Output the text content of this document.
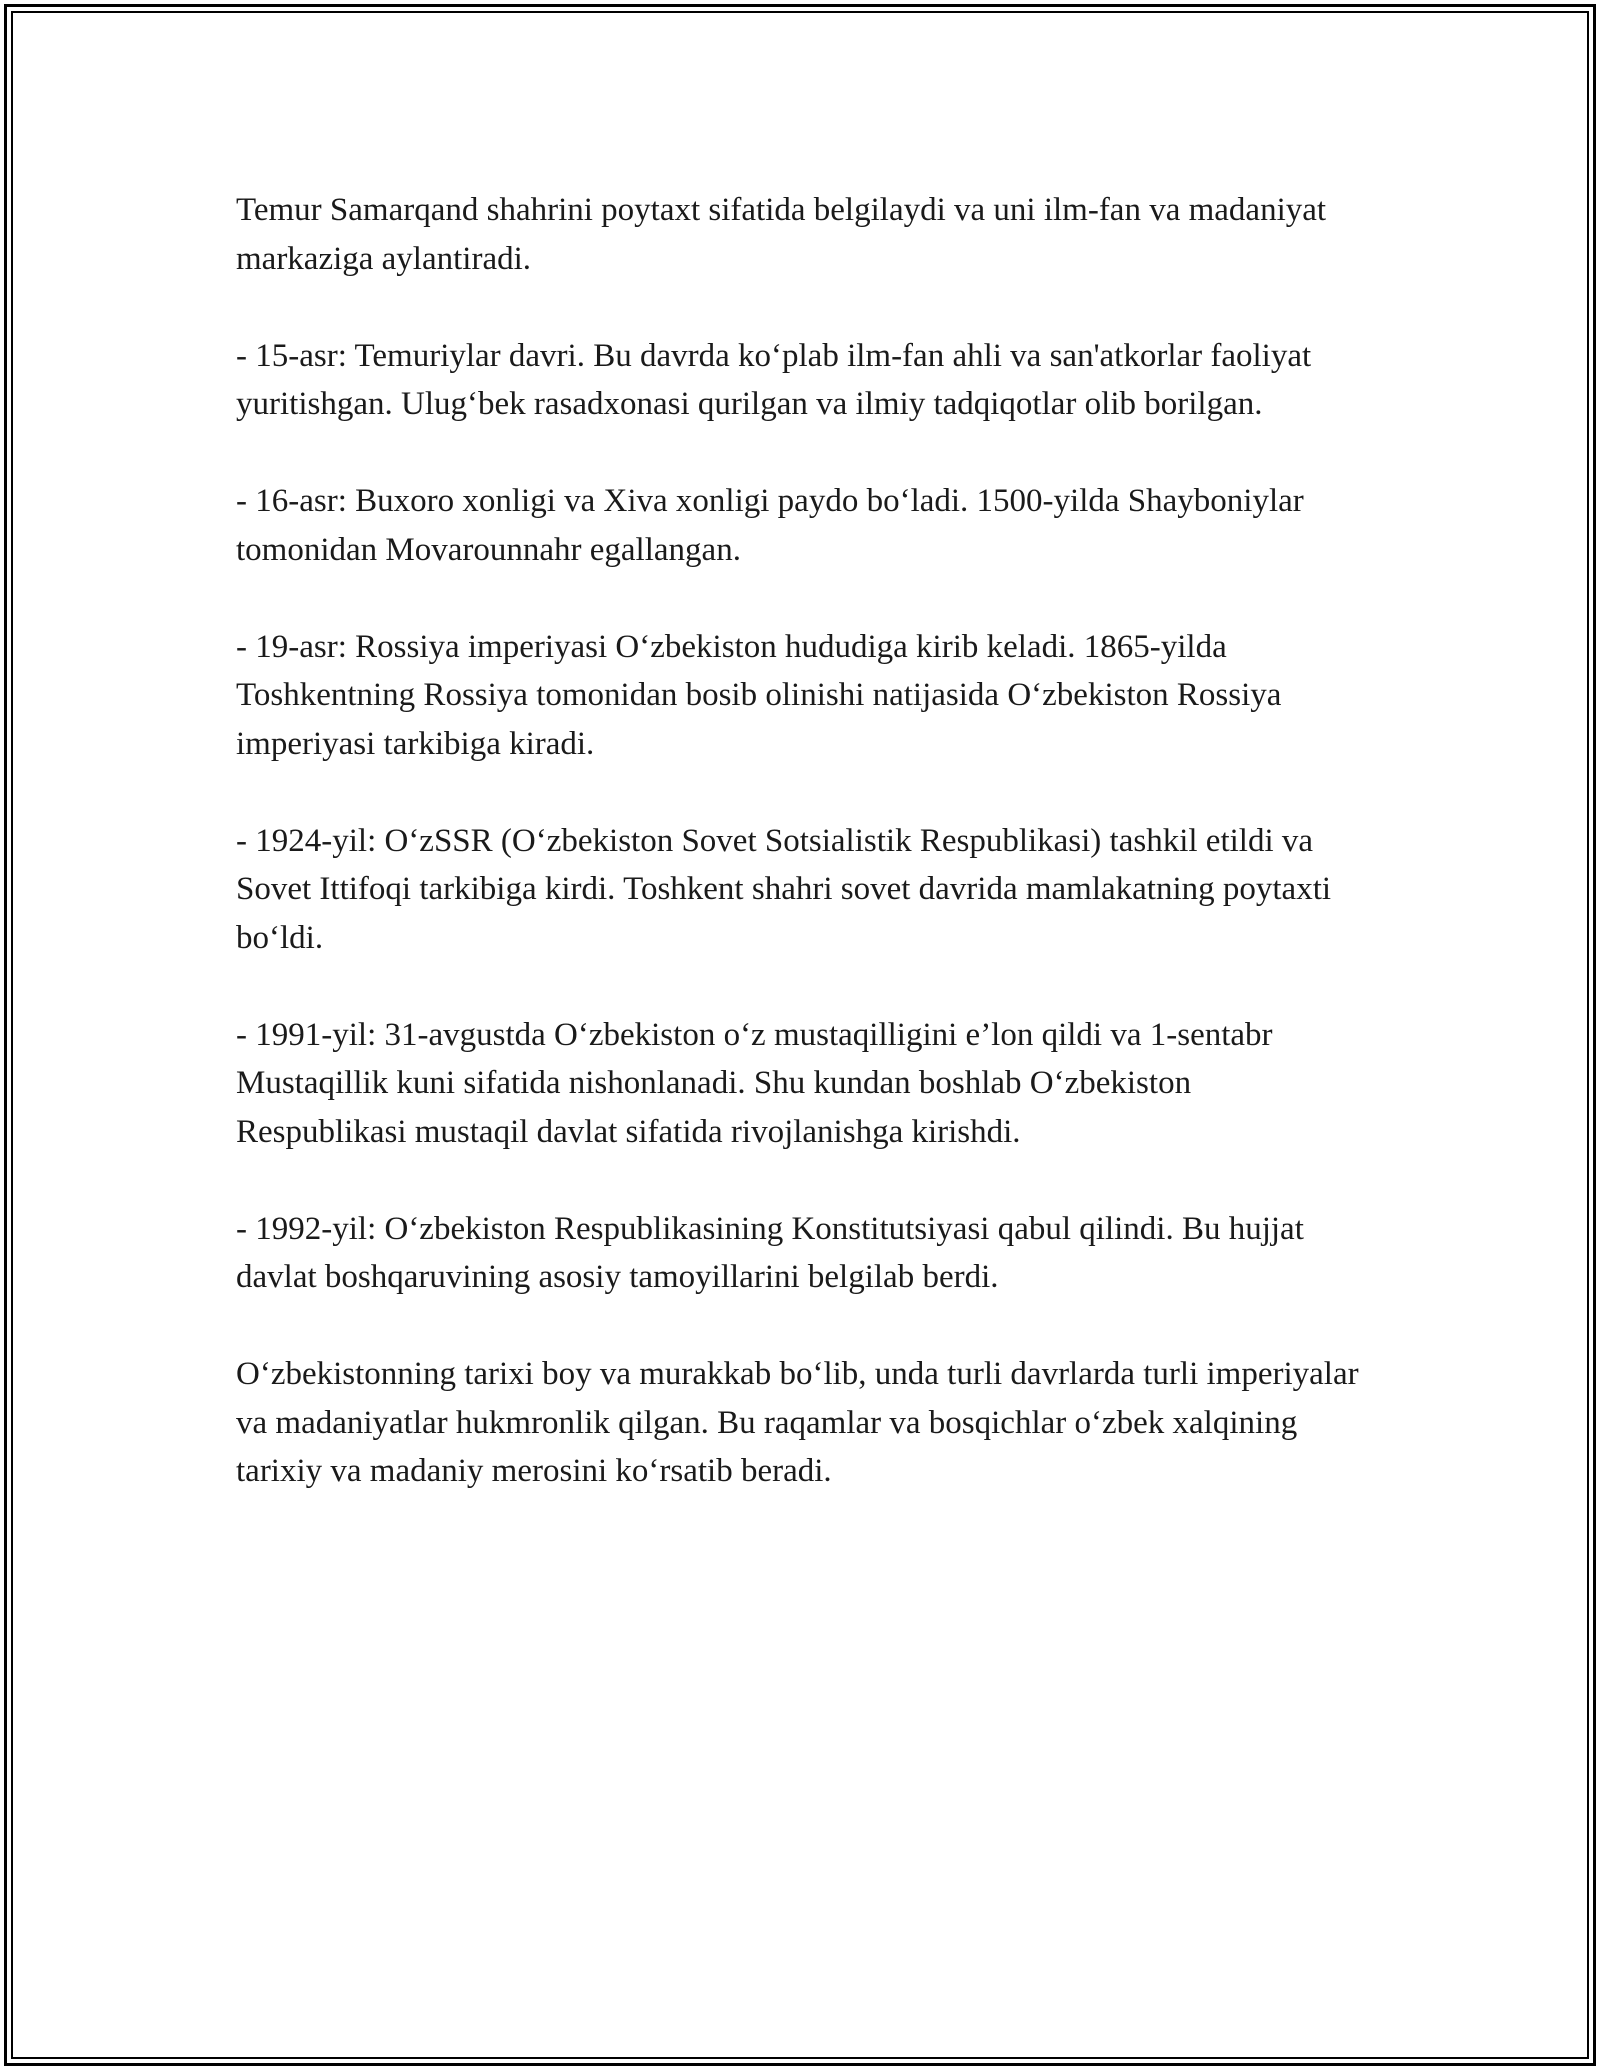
Temur Samarqand shahrini poytaxt sifatida belgilaydi va uni ilm-fan va madaniyat markaziga aylantiradi.

- 15-asr: Temuriylar davri. Bu davrda ko‘plab ilm-fan ahli va san'atkorlar faoliyat yuritishgan. Ulug‘bek rasadxonasi qurilgan va ilmiy tadqiqotlar olib borilgan.

- 16-asr: Buxoro xonligi va Xiva xonligi paydo bo‘ladi. 1500-yilda Shayboniylar tomonidan Movarounnahr egallangan.

- 19-asr: Rossiya imperiyasi O‘zbekiston hududiga kirib keladi. 1865-yilda Toshkentning Rossiya tomonidan bosib olinishi natijasida O‘zbekiston Rossiya imperiyasi tarkibiga kiradi.

- 1924-yil: O‘zSSR (O‘zbekiston Sovet Sotsialistik Respublikasi) tashkil etildi va Sovet Ittifoqi tarkibiga kirdi. Toshkent shahri sovet davrida mamlakatning poytaxti bo‘ldi.

- 1991-yil: 31-avgustda O‘zbekiston o‘z mustaqilligini e’lon qildi va 1-sentabr Mustaqillik kuni sifatida nishonlanadi. Shu kundan boshlab O‘zbekiston Respublikasi mustaqil davlat sifatida rivojlanishga kirishdi.

- 1992-yil: O‘zbekiston Respublikasining Konstitutsiyasi qabul qilindi. Bu hujjat davlat boshqaruvining asosiy tamoyillarini belgilab berdi.

O‘zbekistonning tarixi boy va murakkab bo‘lib, unda turli davrlarda turli imperiyalar va madaniyatlar hukmronlik qilgan. Bu raqamlar va bosqichlar o‘zbek xalqining tarixiy va madaniy merosini ko‘rsatib beradi.
